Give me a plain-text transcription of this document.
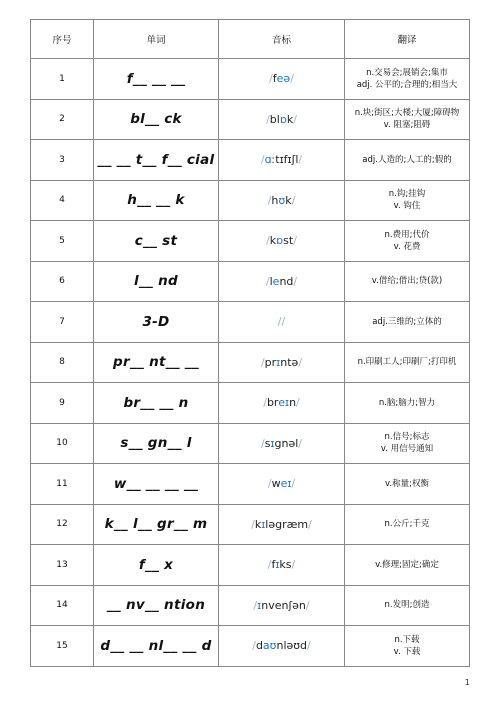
序号	单词	音标	翻译
1	f__ __ __	/feə/	n.交易会;展销会;集市
adj. 公平的;合理的;相当大

2	bl__ ck	/blɒk/	n.块;街区;大楼;大厦;障碍物
v. 阻塞;阻碍

3	__ __ t__ f__ cial	/ɑːtɪfɪʃl/	adj.人造的;人工的;假的

4	h__ __ k	/hʊk/	n.钩;挂钩
v. 钩住

5	c__ st	/kɒst/	n.费用;代价
v. 花费

6	l__ nd	/lend/	v.借给;借出;贷(款)

7	3-D	//	adj.三维的;立体的

8	pr__ nt__ __	/prɪntə/	n.印刷工人;印刷厂;打印机

9	br__ __ n	/breɪn/	n.脑;脑力;智力

10	s__ gn__ l	/sɪgnəl/	n.信号;标志
v. 用信号通知

11	w__ __ __ __	/weɪ/	v.称量;权衡

12	k__ l__ gr__ m	/kɪləgræm/	n.公斤;千克

13	f__ x	/fɪks/	v.修理;固定;确定

14	__ nv__ ntion	/ɪnvenʃən/	n.发明;创造

15	d__ __ nl__ __ d	/daʊnləʊd/	n.下载
v. 下载
1
